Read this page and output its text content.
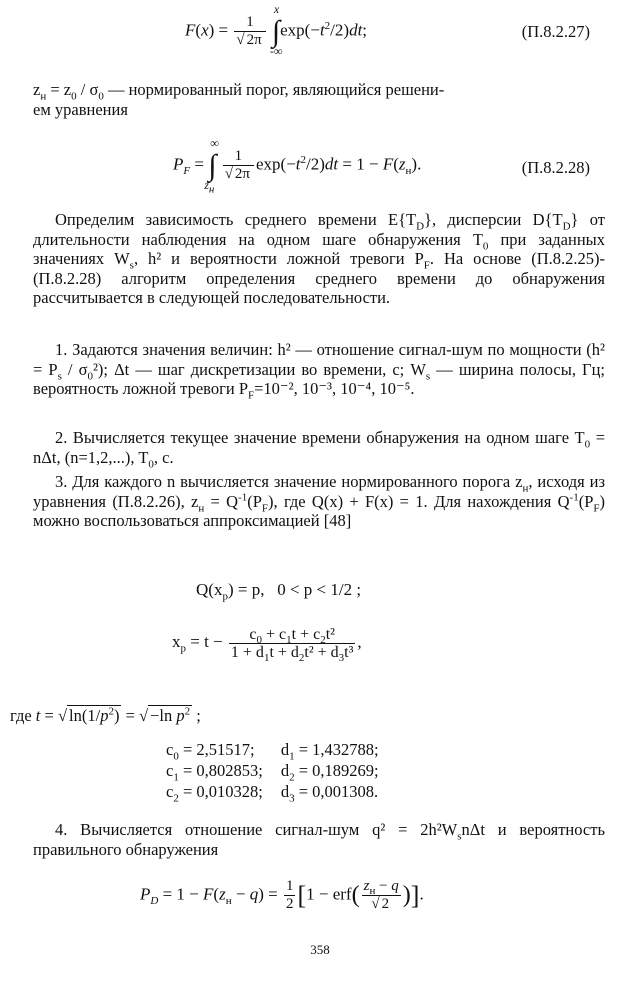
$F(x) = \frac{1}{√ 2\pi}$ ∫
x
-∞
$\exp(-t^2/2)dt$;	(П.8.2.27)
$z_н = z_0 / \sigma_0$ — нормированный порог, являющийся решени-
ем уравнения
$P_F$ = ∫
∞
$z_н$

$\frac{1}{√ 2\pi} \exp(-t^2/2)dt = 1 - F(z_н)$.	(П.8.2.28)
Определим зависимость среднего времени $E\{T_D\}$, дисперсии $D\{T_D\}$ от длительности наблюдения на одном шаге обнаружения $T_0$ при заданных значениях $W_s$, h² и вероятности ложной тревоги $P_F$. На основе (П.8.2.25)-(П.8.2.28) алгоритм определения среднего времени до обнаружения рассчитывается в следующей последовательности.
1. Задаются значения величин: h² — отношение сигнал-шум по мощности $(h^2 = P_s / \sigma_0^2)$; Δt — шаг дискретизации во времени, с; $W_s$ — ширина полосы, Гц; вероятность ложной тревоги $P_F=10^{-2}$, 10⁻³, 10⁻⁴, 10⁻⁵.
2. Вычисляется текущее значение времени обнаружения на одном шаге $T_0 = n\Delta t$, (n=1,2,...), $T_0$, с.
3. Для каждого n вычисляется значение нормированного порога $z_н$, исходя из уравнения (П.8.2.26), $z_н = Q^{-1}(P_F)$, где Q(x) + F(x) = 1. Для нахождения $Q^{-1}(P_F)$ можно воспользоваться аппроксимацией [48]
$Q(x_p) = p$,   0 < p < 1/2 ;
$x_p = t - \frac{c_0 + c_1t + c_2t^2}{1 + d_1t + d_2t^2 + d_3t^3}$ ,
где t = √ $\ln(1/p^2)$ = √ −ln $p^2$ ;
$c_0 = 2,51517$;	$d_1 = 1,432788$;
$c_1 = 0,802853$;	$d_2 = 0,189269$;
$c_2 = 0,010328$;	$d_3 = 0,001308$.
4. Вычисляется отношение сигнал-шум $q^2 = 2h^2W_sn\Delta t$ и вероятность правильного обнаружения
$P_D = 1 - F(z_н - q) = \frac{1}{2} [1 - erf( \frac{z_н - q}{√ 2}$ )].
358
